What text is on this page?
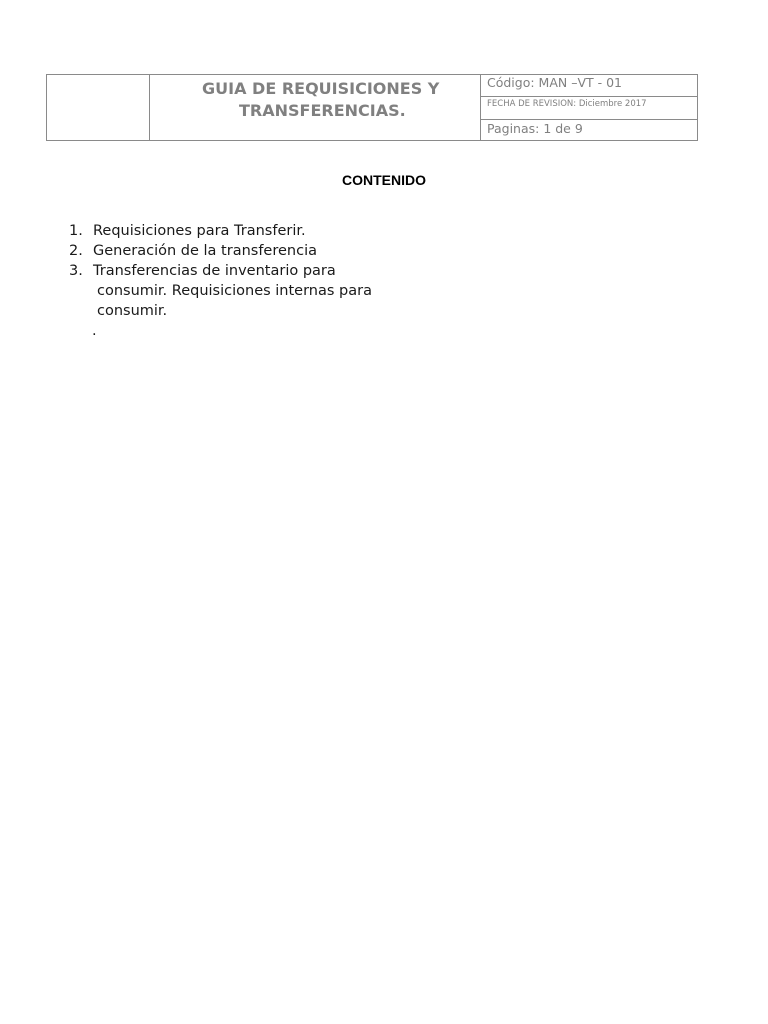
GUIA DE REQUISICIONES Y
TRANSFERENCIAS.
Código: MAN –VT - 01
FECHA DE REVISION: Diciembre 2017
Paginas: 1 de 9
CONTENIDO
1. Requisiciones para Transferir.
2. Generación de la transferencia
3. Transferencias de inventario para
consumir. Requisiciones internas para
consumir.
.
